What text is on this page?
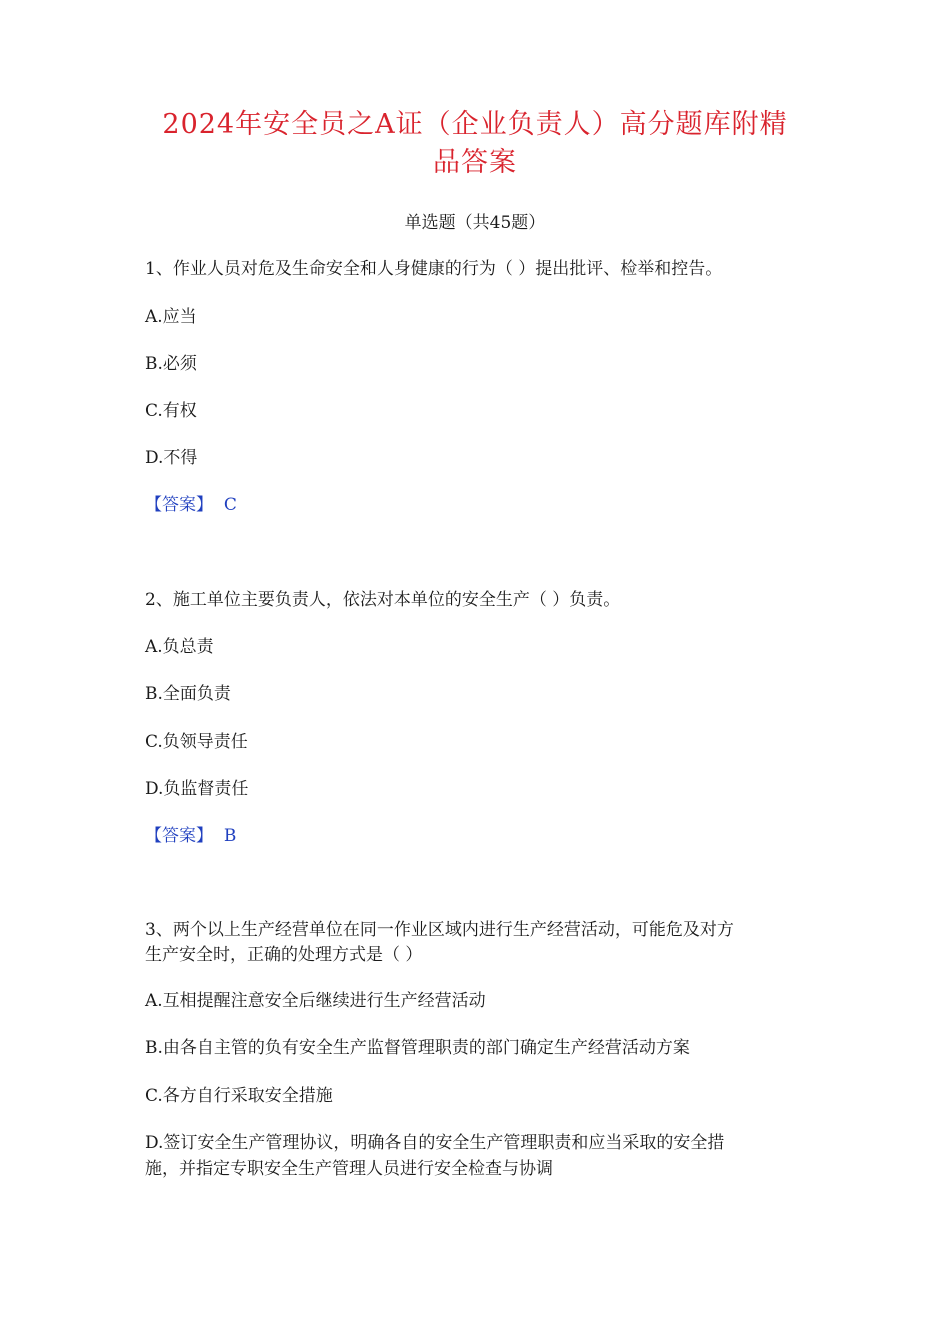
2024年安全员之A证（企业负责人）高分题库附精
品答案
单选题（共45题）

1、作业人员对危及生命安全和人身健康的行为（ ）提出批评、检举和控告。

A.应当

B.必须

C.有权

D.不得

【答案】 C

2、施工单位主要负责人，依法对本单位的安全生产（ ）负责。

A.负总责

B.全面负责

C.负领导责任

D.负监督责任

【答案】 B

3、两个以上生产经营单位在同一作业区域内进行生产经营活动，可能危及对方

生产安全时，正确的处理方式是（ ）

A.互相提醒注意安全后继续进行生产经营活动

B.由各自主管的负有安全生产监督管理职责的部门确定生产经营活动方案

C.各方自行采取安全措施

D.签订安全生产管理协议，明确各自的安全生产管理职责和应当采取的安全措

施，并指定专职安全生产管理人员进行安全检查与协调
